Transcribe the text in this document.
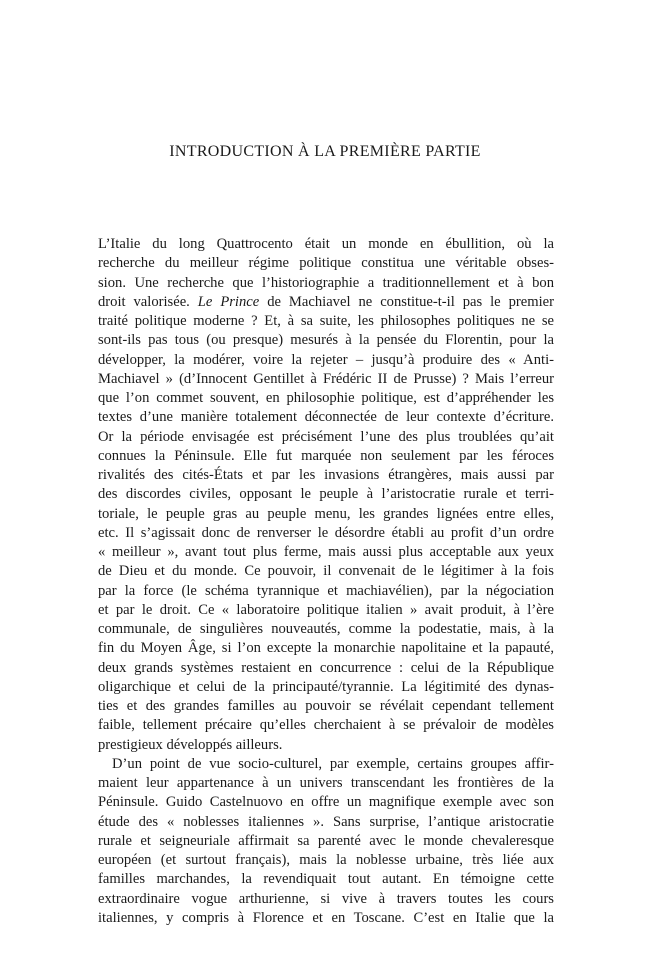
INTRODUCTION À LA PREMIÈRE PARTIE
L’Italie du long Quattrocento était un monde en ébullition, où la
recherche du meilleur régime politique constitua une véritable obses-
sion. Une recherche que l’historiographie a traditionnellement et à bon
droit valorisée. Le Prince de Machiavel ne constitue-t-il pas le premier
traité politique moderne ? Et, à sa suite, les philosophes politiques ne se
sont-ils pas tous (ou presque) mesurés à la pensée du Florentin, pour la
développer, la modérer, voire la rejeter – jusqu’à produire des « Anti-
Machiavel » (d’Innocent Gentillet à Frédéric II de Prusse) ? Mais l’erreur
que l’on commet souvent, en philosophie politique, est d’appréhender les
textes d’une manière totalement déconnectée de leur contexte d’écriture.
Or la période envisagée est précisément l’une des plus troublées qu’ait
connues la Péninsule. Elle fut marquée non seulement par les féroces
rivalités des cités-États et par les invasions étrangères, mais aussi par
des discordes civiles, opposant le peuple à l’aristocratie rurale et terri-
toriale, le peuple gras au peuple menu, les grandes lignées entre elles,
etc. Il s’agissait donc de renverser le désordre établi au profit d’un ordre
« meilleur », avant tout plus ferme, mais aussi plus acceptable aux yeux
de Dieu et du monde. Ce pouvoir, il convenait de le légitimer à la fois
par la force (le schéma tyrannique et machiavélien), par la négociation
et par le droit. Ce « laboratoire politique italien » avait produit, à l’ère
communale, de singulières nouveautés, comme la podestatie, mais, à la
fin du Moyen Âge, si l’on excepte la monarchie napolitaine et la papauté,
deux grands systèmes restaient en concurrence : celui de la République
oligarchique et celui de la principauté/tyrannie. La légitimité des dynas-
ties et des grandes familles au pouvoir se révélait cependant tellement
faible, tellement précaire qu’elles cherchaient à se prévaloir de modèles
prestigieux développés ailleurs.
D’un point de vue socio-culturel, par exemple, certains groupes affir-
maient leur appartenance à un univers transcendant les frontières de la
Péninsule. Guido Castelnuovo en offre un magnifique exemple avec son
étude des « noblesses italiennes ». Sans surprise, l’antique aristocratie
rurale et seigneuriale affirmait sa parenté avec le monde chevaleresque
européen (et surtout français), mais la noblesse urbaine, très liée aux
familles marchandes, la revendiquait tout autant. En témoigne cette
extraordinaire vogue arthurienne, si vive à travers toutes les cours
italiennes, y compris à Florence et en Toscane. C’est en Italie que la
